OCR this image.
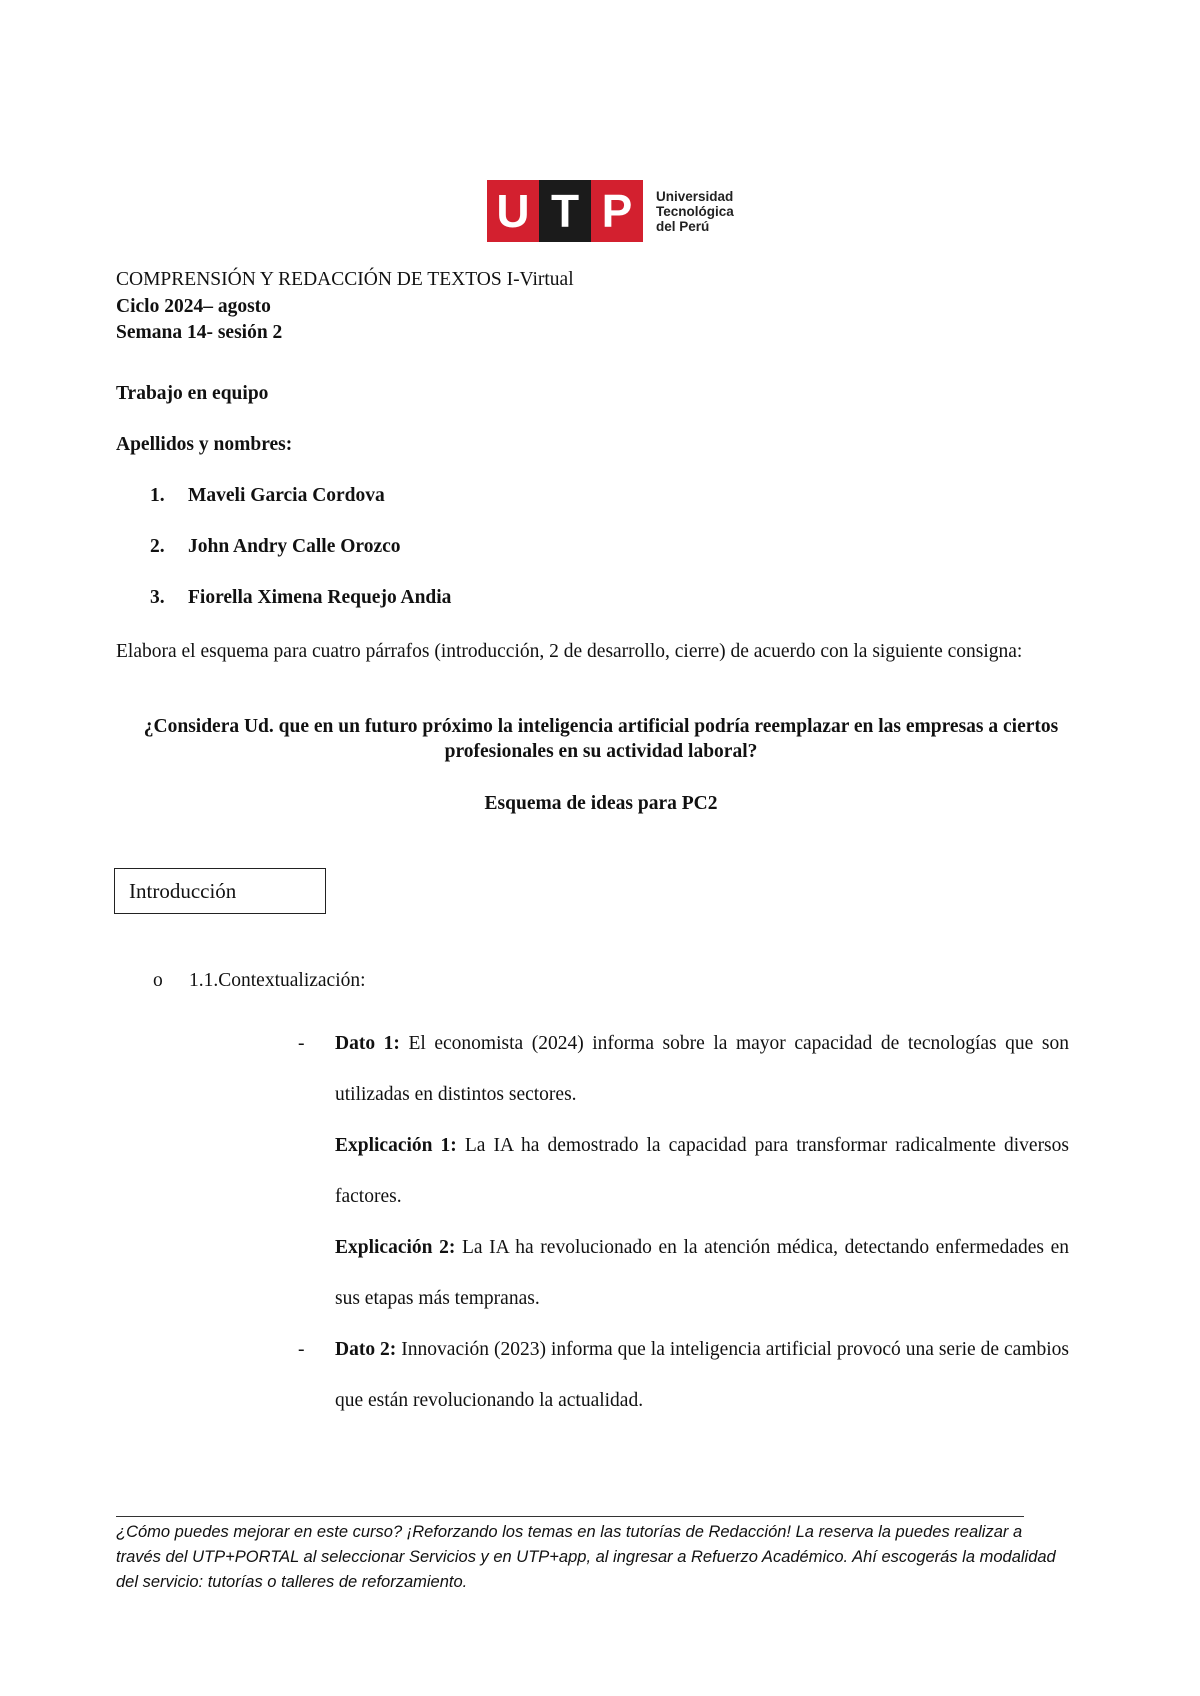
U T P	Universidad
Tecnológica
del Perú
COMPRENSIÓN Y REDACCIÓN DE TEXTOS I-Virtual
Ciclo 2024– agosto
Semana 14- sesión 2
Trabajo en equipo
Apellidos y nombres:
1. Maveli Garcia Cordova
2. John Andry Calle Orozco
3. Fiorella Ximena Requejo Andia
Elabora el esquema para cuatro párrafos (introducción, 2 de desarrollo, cierre) de acuerdo con la siguiente consigna:
¿Considera Ud. que en un futuro próximo la inteligencia artificial podría reemplazar en las empresas a ciertos profesionales en su actividad laboral?
Esquema de ideas para PC2
Introducción
o 1.1.Contextualización:
- Dato 1: El economista (2024) informa sobre la mayor capacidad de tecnologías que son utilizadas en distintos sectores.
Explicación 1: La IA ha demostrado la capacidad para transformar radicalmente diversos factores.
Explicación 2: La IA ha revolucionado en la atención médica, detectando enfermedades en sus etapas más tempranas.
- Dato 2: Innovación (2023) informa que la inteligencia artificial provocó una serie de cambios que están revolucionando la actualidad.
¿Cómo puedes mejorar en este curso? ¡Reforzando los temas en las tutorías de Redacción! La reserva la puedes realizar a través del UTP+PORTAL al seleccionar Servicios y en UTP+app, al ingresar a Refuerzo Académico. Ahí escogerás la modalidad del servicio: tutorías o talleres de reforzamiento.
